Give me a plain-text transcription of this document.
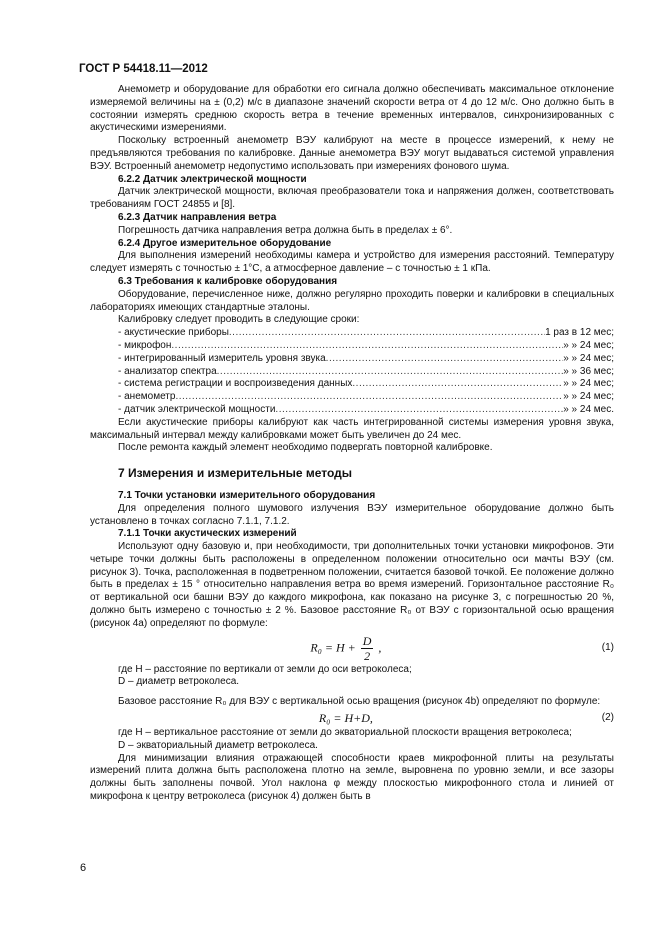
ГОСТ Р 54418.11—2012

Анемометр и оборудование для обработки его сигнала должно обеспечивать максимальное отклонение измеряемой величины на ± (0,2) м/с в диапазоне значений скорости ветра от 4 до 12 м/с. Оно должно быть в состоянии измерять среднюю скорость ветра в течение временных интервалов, синхронизированных с акустическими измерениями.

Поскольку встроенный анемометр ВЭУ калибруют на месте в процессе измерений, к нему не предъявляются требования по калибровке. Данные анемометра ВЭУ могут выдаваться системой управления ВЭУ. Встроенный анемометр недопустимо использовать при измерениях фонового шума.

6.2.2 Датчик электрической мощности

Датчик электрической мощности, включая преобразователи тока и напряжения должен, соответствовать требованиям ГОСТ 24855 и [8].

6.2.3 Датчик направления ветра

Погрешность датчика направления ветра должна быть в пределах ± 6°.

6.2.4 Другое измерительное оборудование

Для выполнения измерений необходимы камера и устройство для измерения расстояний. Температуру следует измерять с точностью ± 1°С, а атмосферное давление – с точностью ± 1 кПа.

6.3 Требования к калибровке оборудования

Оборудование, перечисленное ниже, должно регулярно проходить поверки и калибровки в специальных лабораториях имеющих стандартные эталоны.

Калибровку следует проводить в следующие сроки:

- акустические приборы .....	1 раз в 12 мес;
- микрофон .....	» » 24 мес;
- интегрированный измеритель уровня звука .....	» » 24 мес;
- анализатор спектра .....	» » 36 мес;
- система регистрации и воспроизведения данных .....	» » 24 мес;
- анемометр .....	» » 24 мес;
- датчик электрической мощности .....	» » 24 мес.

Если акустические приборы калибруют как часть интегрированной системы измерения уровня звука, максимальный интервал между калибровками может быть увеличен до 24 мес.

После ремонта каждый элемент необходимо подвергать повторной калибровке.

7 Измерения и измерительные методы

7.1 Точки установки измерительного оборудования

Для определения полного шумового излучения ВЭУ измерительное оборудование должно быть установлено в точках согласно 7.1.1, 7.1.2.

7.1.1 Точки акустических измерений

Используют одну базовую и, при необходимости, три дополнительных точки установки микрофонов. Эти четыре точки должны быть расположены в определенном положении относительно оси мачты ВЭУ (см. рисунок 3). Точка, расположенная в подветренном положении, считается базовой точкой. Ее положение должно быть в пределах ± 15 ° относительно направления ветра во время измерений. Горизонтальное расстояние R₀ от вертикальной оси башни ВЭУ до каждого микрофона, как показано на рисунке 3, с погрешностью 20 %, должно быть измерено с точностью ± 2 %. Базовое расстояние R₀ от ВЭУ с горизонтальной осью вращения (рисунок 4а) определяют по формуле:

$R_0 = H + \frac{D}{2}$ ,	(1)

где H – расстояние по вертикали от земли до оси ветроколеса;

D – диаметр ветроколеса.

Базовое расстояние R₀ для ВЭУ с вертикальной осью вращения (рисунок 4b) определяют по формуле:

R₀ = H+D,	(2)

где H – вертикальное расстояние от земли до экваториальной плоскости вращения ветроколеса;

D – экваториальный диаметр ветроколеса.

Для минимизации влияния отражающей способности краев микрофонной плиты на результаты измерений плита должна быть расположена плотно на земле, выровнена по уровню земли, и все зазоры должны быть заполнены почвой. Угол наклона φ между плоскостью микрофонного стола и линией от микрофона к центру ветроколеса (рисунок 4) должен быть в

6
